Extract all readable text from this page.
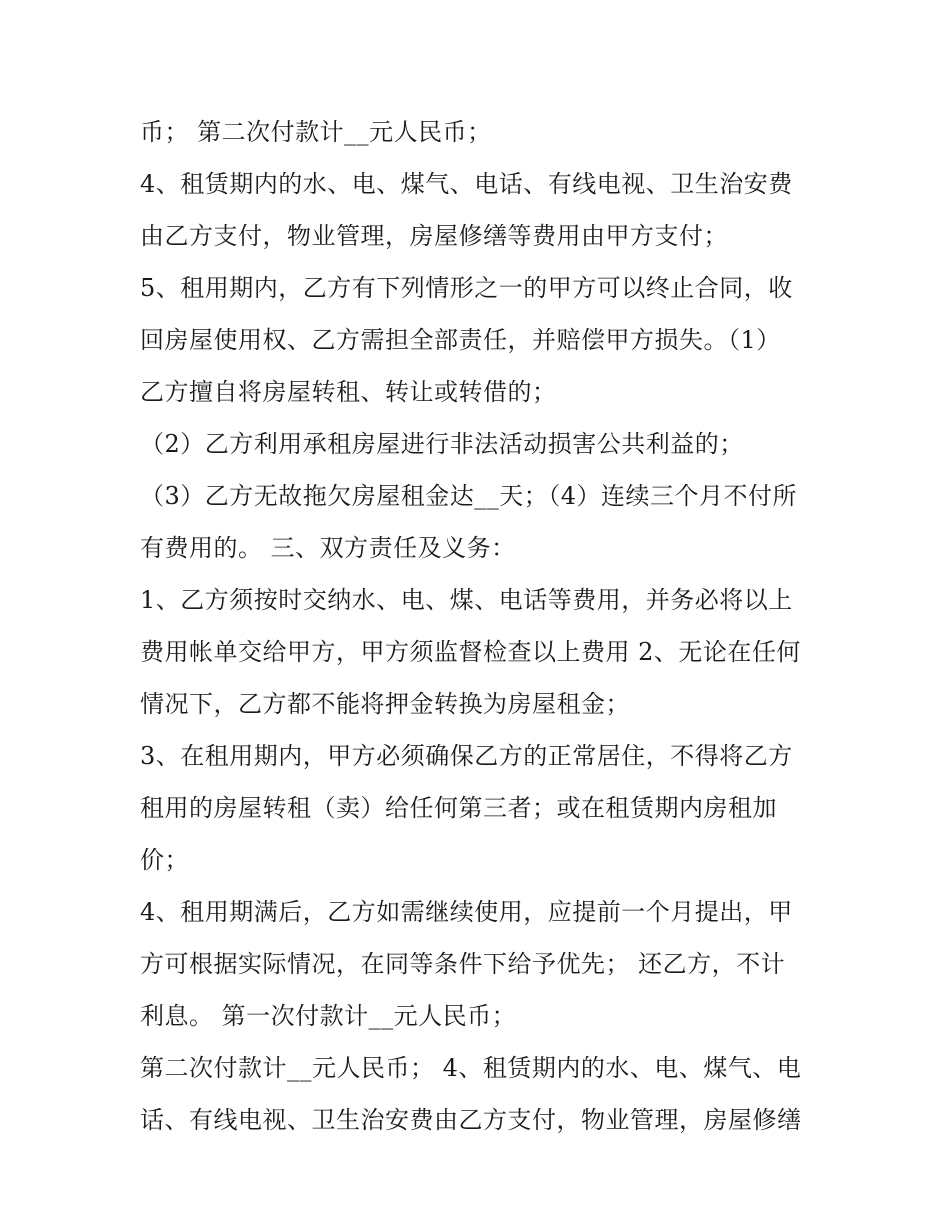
币； 第二次付款计__元人民币；
4、租赁期内的水、电、煤气、电话、有线电视、卫生治安费
由乙方支付，物业管理，房屋修缮等费用由甲方支付；
5、租用期内，乙方有下列情形之一的甲方可以终止合同，收
回房屋使用权、乙方需担全部责任，并赔偿甲方损失。（1）
乙方擅自将房屋转租、转让或转借的；
（2）乙方利用承租房屋进行非法活动损害公共利益的；
（3）乙方无故拖欠房屋租金达__天；（4）连续三个月不付所
有费用的。 三、双方责任及义务：
1、乙方须按时交纳水、电、煤、电话等费用，并务必将以上
费用帐单交给甲方，甲方须监督检查以上费用 2、无论在任何
情况下，乙方都不能将押金转换为房屋租金；
3、在租用期内，甲方必须确保乙方的正常居住，不得将乙方
租用的房屋转租（卖）给任何第三者；或在租赁期内房租加
价；
4、租用期满后，乙方如需继续使用，应提前一个月提出，甲
方可根据实际情况，在同等条件下给予优先； 还乙方，不计
利息。 第一次付款计__元人民币；
第二次付款计__元人民币； 4、租赁期内的水、电、煤气、电
话、有线电视、卫生治安费由乙方支付，物业管理，房屋修缮
